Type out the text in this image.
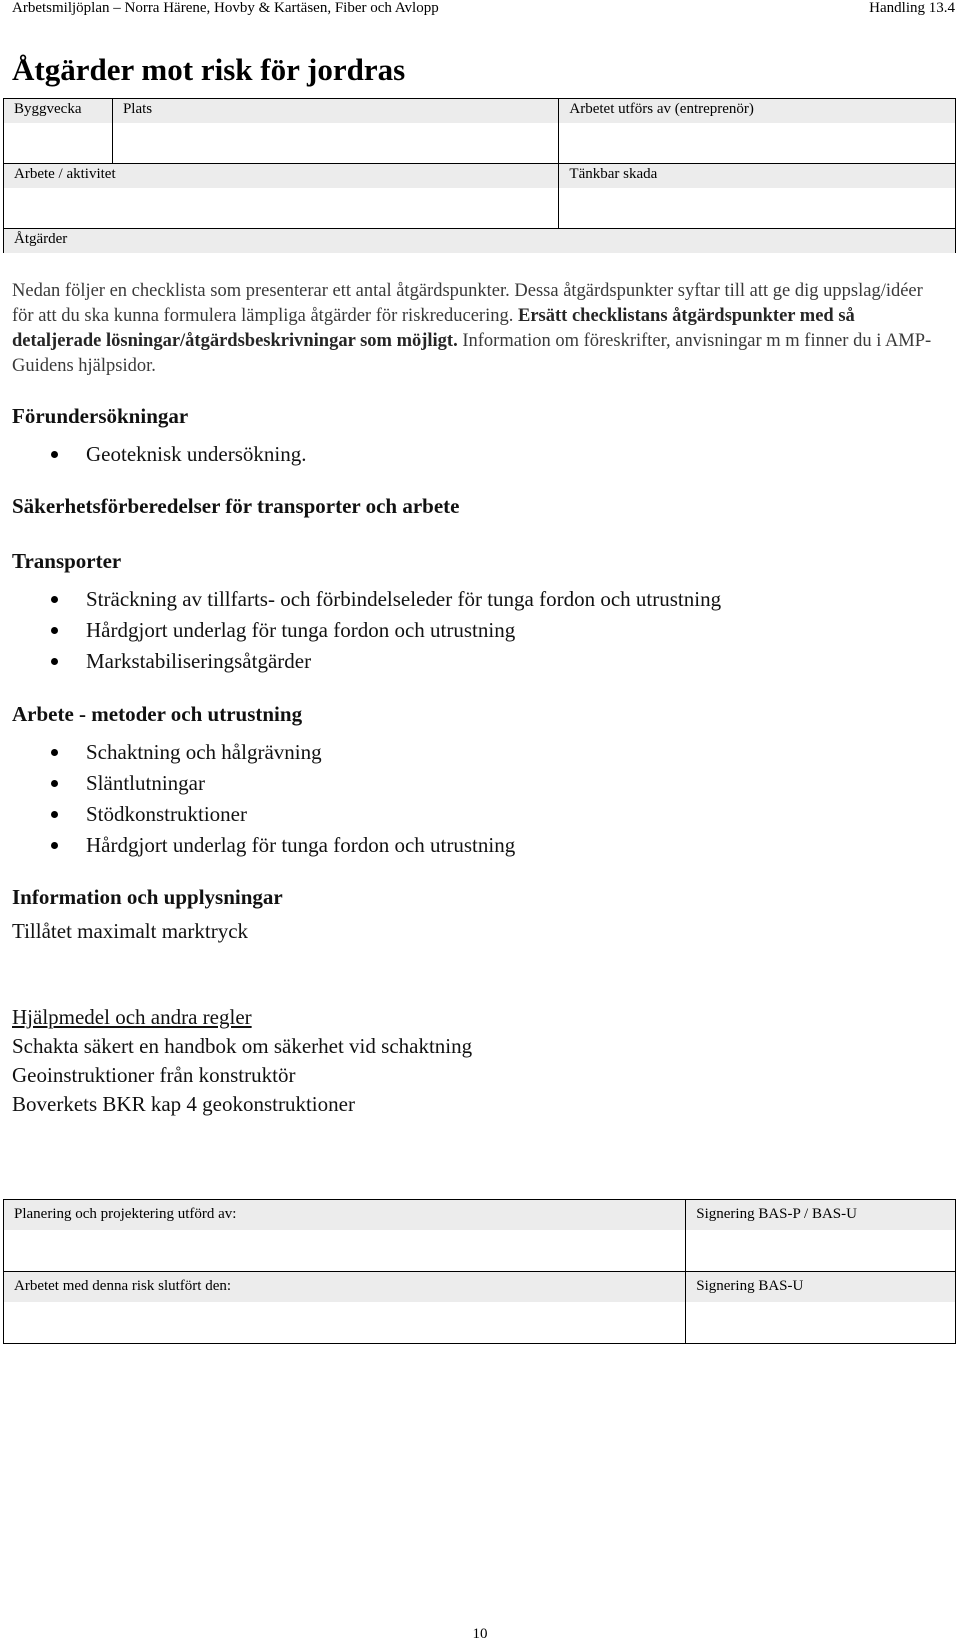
Arbetsmiljöplan – Norra Härene, Hovby & Kartäsen, Fiber och Avlopp	Handling 13.4
Åtgärder mot risk för jordras
Byggvecka	Plats	Arbetet utförs av (entreprenör)

Arbete / aktivitet		Tänkbar skada

Åtgärder		
Nedan följer en checklista som presenterar ett antal åtgärdspunkter. Dessa åtgärdspunkter syftar till att ge dig uppslag/idéer för att du ska kunna formulera lämpliga åtgärder för riskreducering. Ersätt checklistans åtgärdspunkter med så detaljerade lösningar/åtgärdsbeskrivningar som möjligt. Information om föreskrifter, anvisningar m m finner du i AMP-Guidens hjälpsidor.
Förundersökningar
Geoteknisk undersökning.
Säkerhetsförberedelser för transporter och arbete
Transporter
Sträckning av tillfarts- och förbindelseleder för tunga fordon och utrustning
Hårdgjort underlag för tunga fordon och utrustning
Markstabiliseringsåtgärder
Arbete - metoder och utrustning
Schaktning och hålgrävning
Släntlutningar
Stödkonstruktioner
Hårdgjort underlag för tunga fordon och utrustning
Information och upplysningar
Tillåtet maximalt marktryck
Hjälpmedel och andra regler
Schakta säkert en handbok om säkerhet vid schaktning
Geoinstruktioner från konstruktör
Boverkets BKR kap 4 geokonstruktioner
Planering och projektering utförd av:	Signering BAS-P / BAS-U

Arbetet med denna risk slutfört den:	Signering BAS-U
10
